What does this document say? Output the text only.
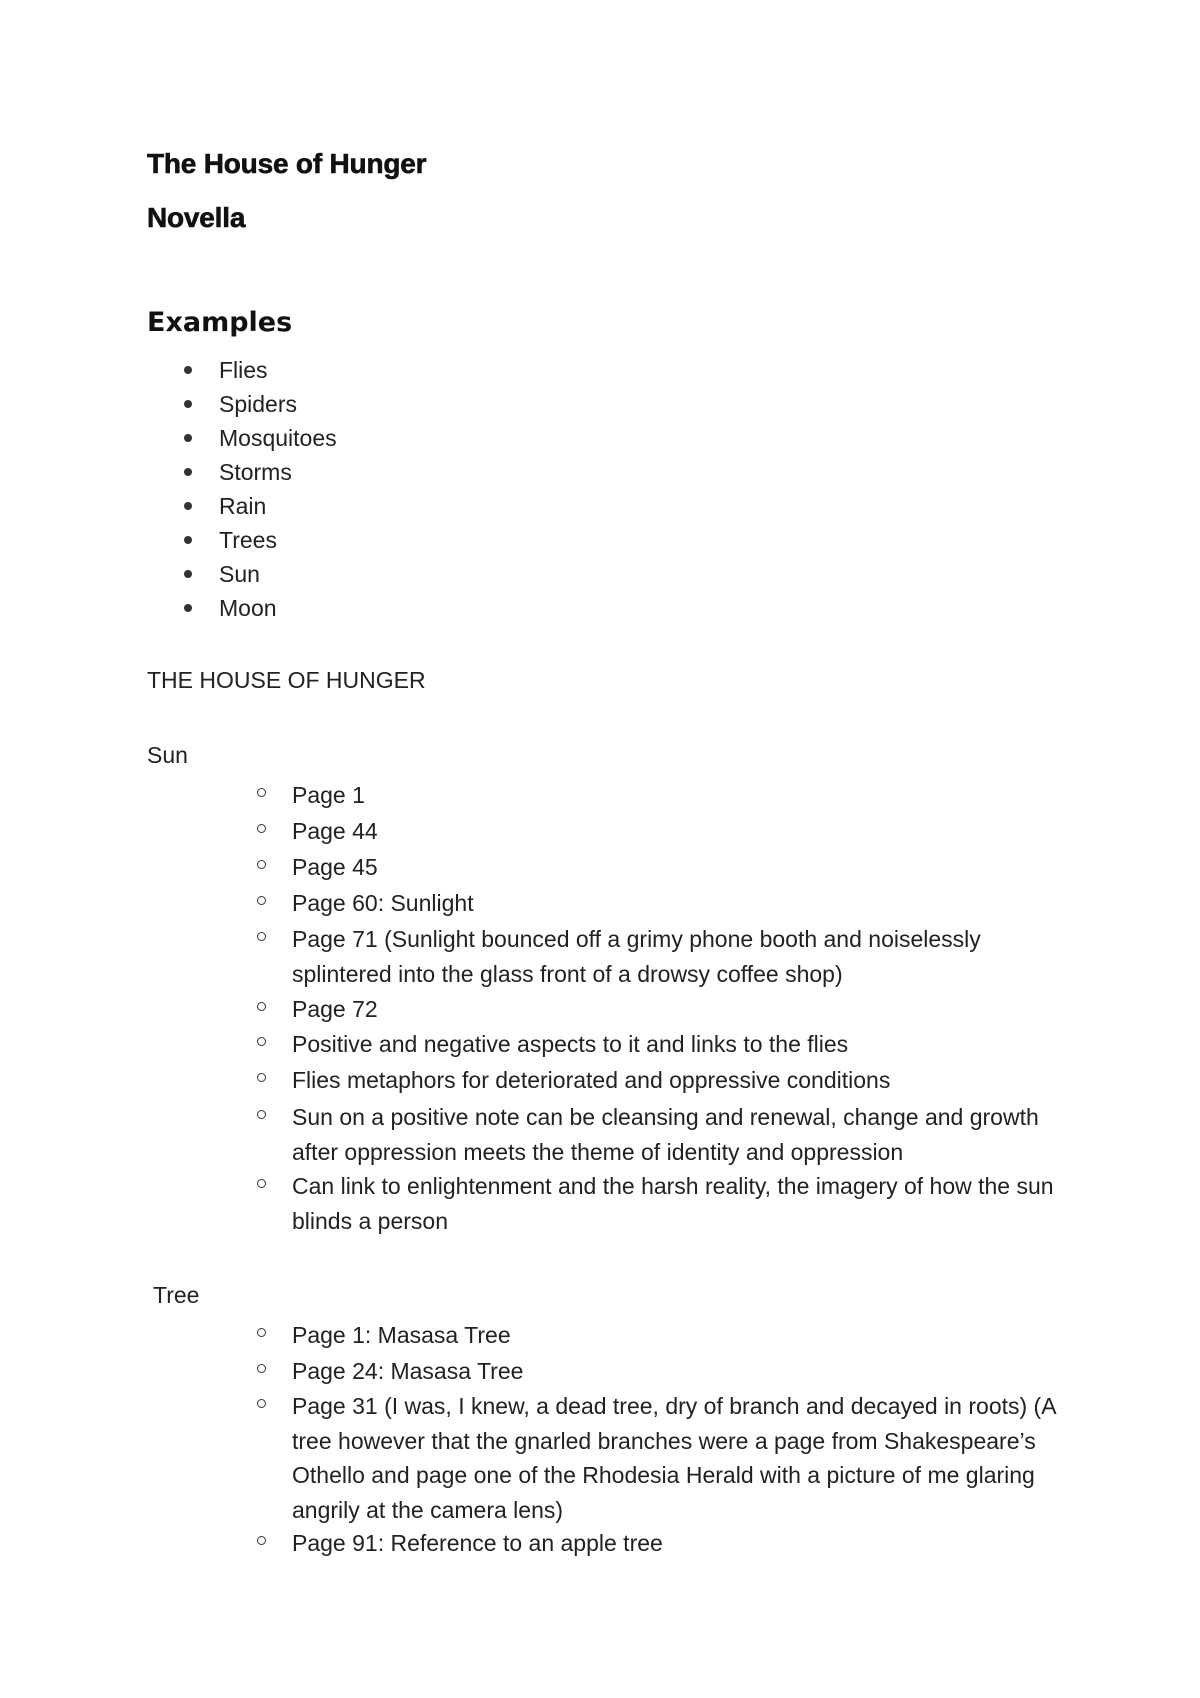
The House of Hunger
Novella
Examples
Flies
Spiders
Mosquitoes
Storms
Rain
Trees
Sun
Moon
THE HOUSE OF HUNGER
Sun
Page 1
Page 44
Page 45
Page 60: Sunlight
Page 71 (Sunlight bounced off a grimy phone booth and noiselessly splintered into the glass front of a drowsy coffee shop)
Page 72
Positive and negative aspects to it and links to the flies
Flies metaphors for deteriorated and oppressive conditions
Sun on a positive note can be cleansing and renewal, change and growth after oppression meets the theme of identity and oppression
Can link to enlightenment and the harsh reality, the imagery of how the sun blinds a person
Tree
Page 1: Masasa Tree
Page 24: Masasa Tree
Page 31 (I was, I knew, a dead tree, dry of branch and decayed in roots) (A tree however that the gnarled branches were a page from Shakespeare’s Othello and page one of the Rhodesia Herald with a picture of me glaring angrily at the camera lens)
Page 91: Reference to an apple tree
